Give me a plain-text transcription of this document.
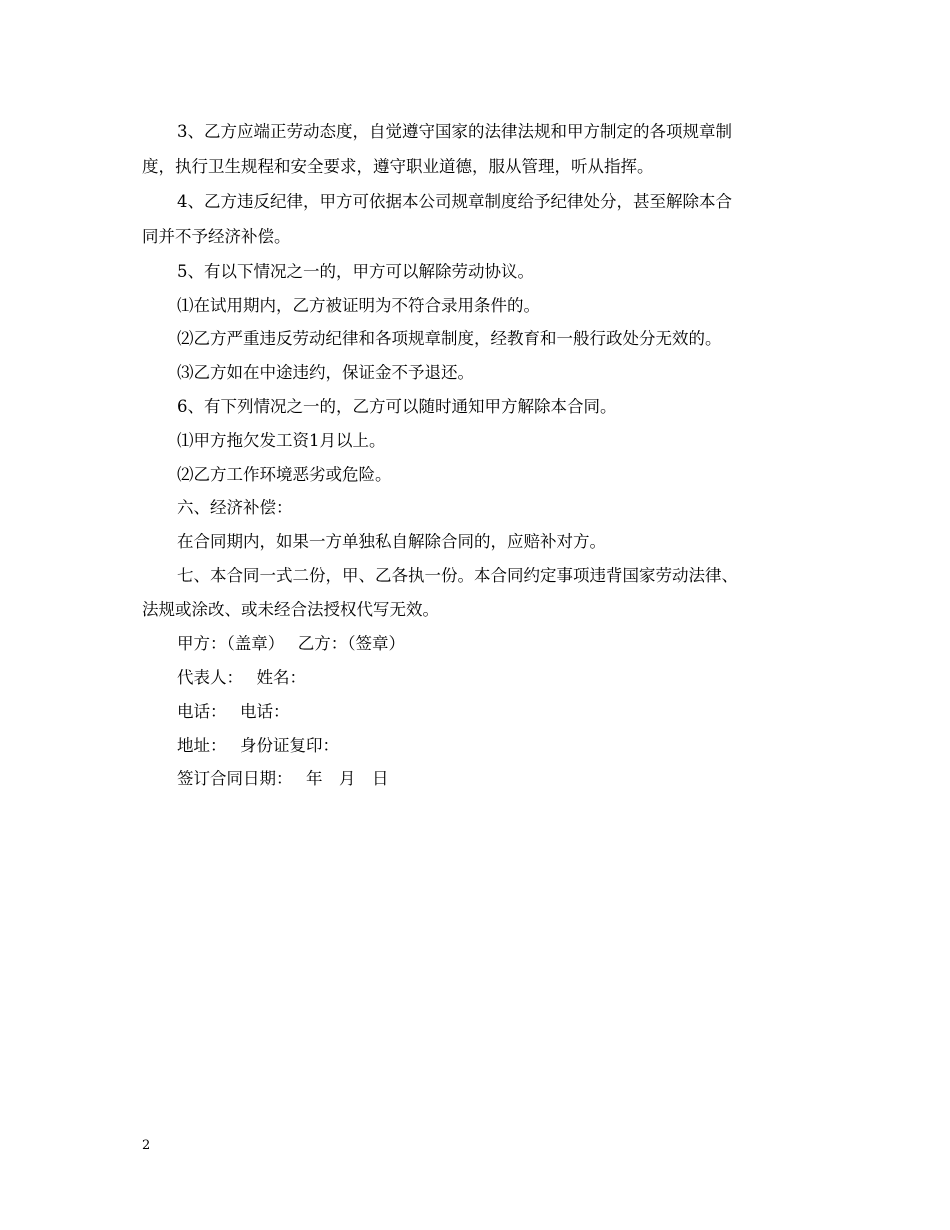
3、乙方应端正劳动态度，自觉遵守国家的法律法规和甲方制定的各项规章制
度，执行卫生规程和安全要求，遵守职业道德，服从管理，听从指挥。
4、乙方违反纪律，甲方可依据本公司规章制度给予纪律处分，甚至解除本合
同并不予经济补偿。
5、有以下情况之一的，甲方可以解除劳动协议。
⑴在试用期内，乙方被证明为不符合录用条件的。
⑵乙方严重违反劳动纪律和各项规章制度，经教育和一般行政处分无效的。
⑶乙方如在中途违约，保证金不予退还。
6、有下列情况之一的，乙方可以随时通知甲方解除本合同。
⑴甲方拖欠发工资1月以上。
⑵乙方工作环境恶劣或危险。
六、经济补偿：
在合同期内，如果一方单独私自解除合同的，应赔补对方。
七、本合同一式二份，甲、乙各执一份。本合同约定事项违背国家劳动法律、
法规或涂改、或未经合法授权代写无效。
甲方：（盖章）　 乙方：（签章）
代表人：　 姓名：
电话：　 电话：
地址：　 身份证复印：
签订合同日期：　 年　月　日
2
